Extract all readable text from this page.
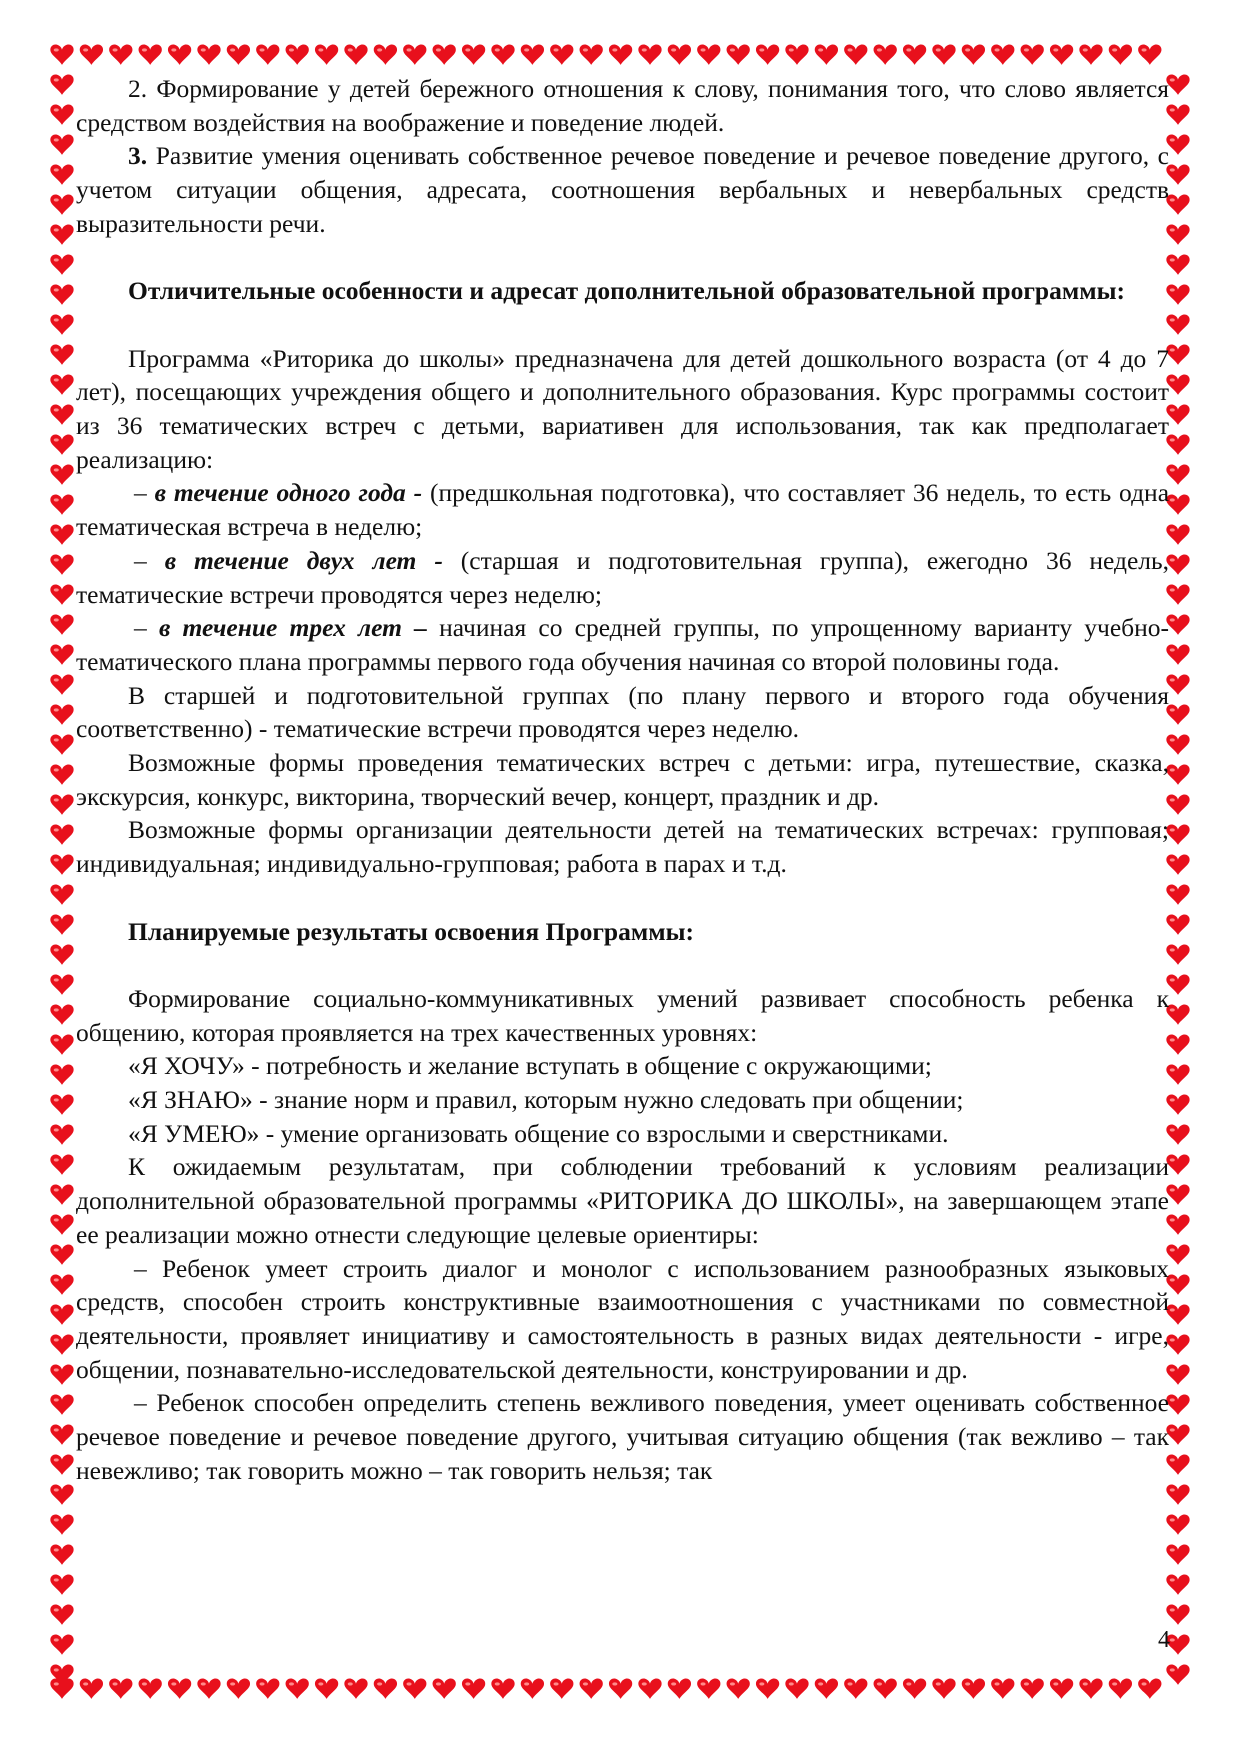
2. Формирование у детей бережного отношения к слову, понимания того, что слово является средством воздействия на воображение и поведение людей.

3. Развитие умения оценивать собственное речевое поведение и речевое поведение другого, с учетом ситуации общения, адресата, соотношения вербальных и невербальных средств выразительности речи.

Отличительные особенности и адресат дополнительной образовательной программы:

Программа «Риторика до школы» предназначена для детей дошкольного возраста (от 4 до 7 лет), посещающих учреждения общего и дополнительного образования. Курс программы состоит из 36 тематических встреч с детьми, вариативен для использования, так как предполагает реализацию:

– в течение одного года - (предшкольная подготовка), что составляет 36 недель, то есть одна тематическая встреча в неделю;

– в течение двух лет - (старшая и подготовительная группа), ежегодно 36 недель, тематические встречи проводятся через неделю;

– в течение трех лет – начиная со средней группы, по упрощенному варианту учебно-тематического плана программы первого года обучения начиная со второй половины года.

В старшей и подготовительной группах (по плану первого и второго года обучения соответственно) - тематические встречи проводятся через неделю.

Возможные формы проведения тематических встреч с детьми: игра, путешествие, сказка, экскурсия, конкурс, викторина, творческий вечер, концерт, праздник и др.

Возможные формы организации деятельности детей на тематических встречах: групповая; индивидуальная; индивидуально-групповая; работа в парах и т.д.

Планируемые результаты освоения Программы:

Формирование социально-коммуникативных умений развивает способность ребенка к общению, которая проявляется на трех качественных уровнях:

«Я ХОЧУ» - потребность и желание вступать в общение с окружающими;

«Я ЗНАЮ» - знание норм и правил, которым нужно следовать при общении;

«Я УМЕЮ» - умение организовать общение со взрослыми и сверстниками.

К ожидаемым результатам, при соблюдении требований к условиям реализации дополнительной образовательной программы «РИТОРИКА ДО ШКОЛЫ», на завершающем этапе ее реализации можно отнести следующие целевые ориентиры:

– Ребенок умеет строить диалог и монолог с использованием разнообразных языковых средств, способен строить конструктивные взаимоотношения с участниками по совместной деятельности, проявляет инициативу и самостоятельность в разных видах деятельности - игре, общении, познавательно-исследовательской деятельности, конструировании и др.

– Ребенок способен определить степень вежливого поведения, умеет оценивать собственное речевое поведение и речевое поведение другого, учитывая ситуацию общения (так вежливо – так невежливо; так говорить можно – так говорить нельзя; так

4
